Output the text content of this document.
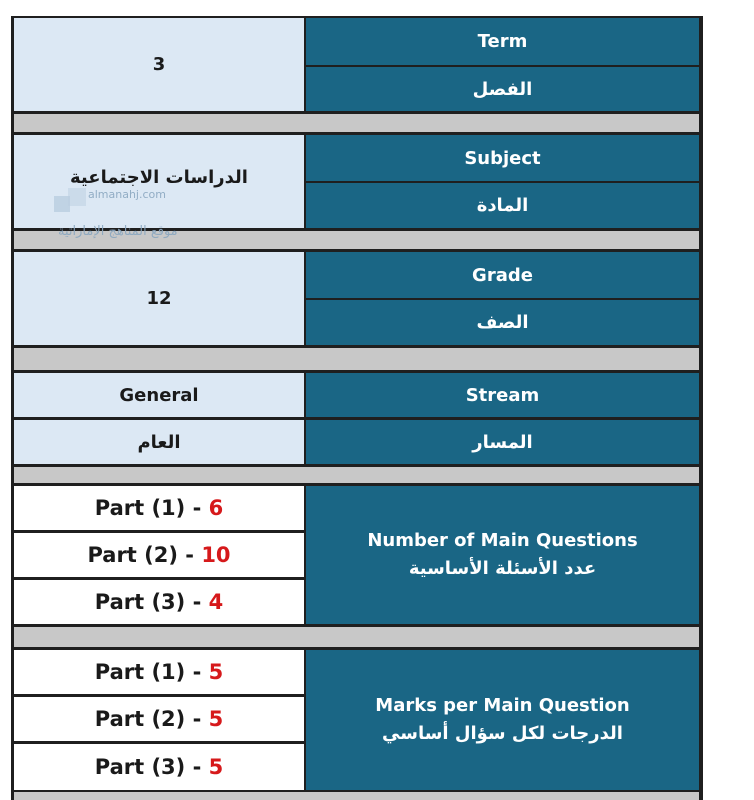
3
Term
الفصل
الدراسات الاجتماعية
Subject
المادة
almanahj.com
موقع المناهج الإماراتية
12
Grade
الصف
General
العام
Stream
المسار
Part (1) - 6
Part (2) - 10
Part (3) - 4
Number of Main Questions
عدد الأسئلة الأساسية
Part (1) - 5
Part (2) - 5
Part (3) - 5
Marks per Main Question
الدرجات لكل سؤال أساسي
